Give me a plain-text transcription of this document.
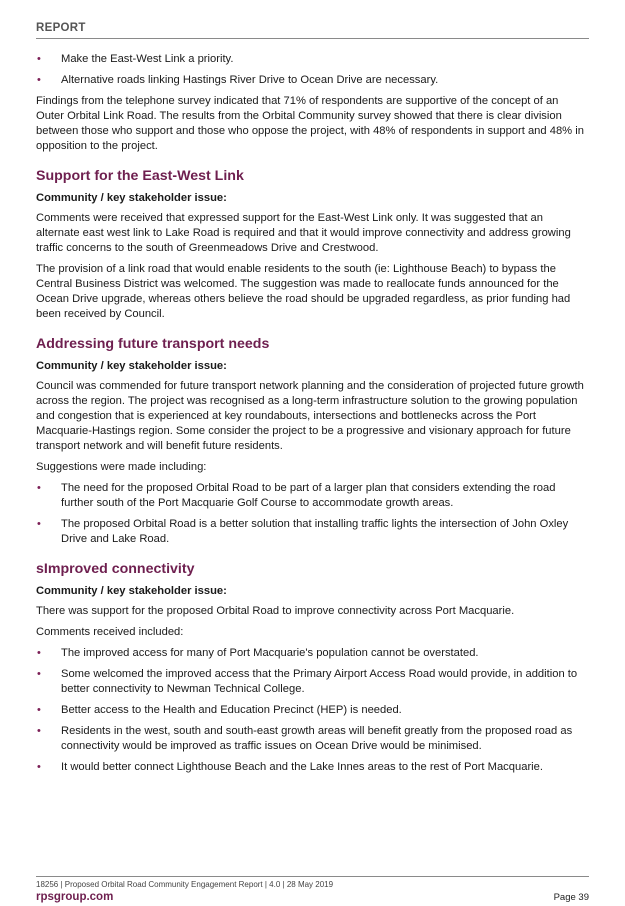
REPORT
• Make the East-West Link a priority.
• Alternative roads linking Hastings River Drive to Ocean Drive are necessary.

Findings from the telephone survey indicated that 71% of respondents are supportive of the concept of an Outer Orbital Link Road. The results from the Orbital Community survey showed that there is clear division between those who support and those who oppose the project, with 48% of respondents in support and 48% in opposition to the project.

Support for the East-West Link
Community / key stakeholder issue:

Comments were received that expressed support for the East-West Link only. It was suggested that an alternate east west link to Lake Road is required and that it would improve connectivity and address growing traffic concerns to the south of Greenmeadows Drive and Crestwood.

The provision of a link road that would enable residents to the south (ie: Lighthouse Beach) to bypass the Central Business District was welcomed. The suggestion was made to reallocate funds announced for the Ocean Drive upgrade, whereas others believe the road should be upgraded regardless, as prior funding had been received by Council.

Addressing future transport needs
Community / key stakeholder issue:

Council was commended for future transport network planning and the consideration of projected future growth across the region. The project was recognised as a long-term infrastructure solution to the growing population and congestion that is experienced at key roundabouts, intersections and bottlenecks across the Port Macquarie-Hastings region. Some consider the project to be a progressive and visionary approach for future transport network and will benefit future residents.

Suggestions were made including:

• The need for the proposed Orbital Road to be part of a larger plan that considers extending the road further south of the Port Macquarie Golf Course to accommodate growth areas.
• The proposed Orbital Road is a better solution that installing traffic lights the intersection of John Oxley Drive and Lake Road.
sImproved connectivity
Community / key stakeholder issue:

There was support for the proposed Orbital Road to improve connectivity across Port Macquarie.

Comments received included:

• The improved access for many of Port Macquarie's population cannot be overstated.
• Some welcomed the improved access that the Primary Airport Access Road would provide, in addition to better connectivity to Newman Technical College.
• Better access to the Health and Education Precinct (HEP) is needed.
• Residents in the west, south and south-east growth areas will benefit greatly from the proposed road as connectivity would be improved as traffic issues on Ocean Drive would be minimised.
• It would better connect Lighthouse Beach and the Lake Innes areas to the rest of Port Macquarie.
18256 | Proposed Orbital Road Community Engagement Report | 4.0 | 28 May 2019
rpsgroup.com	Page 39
